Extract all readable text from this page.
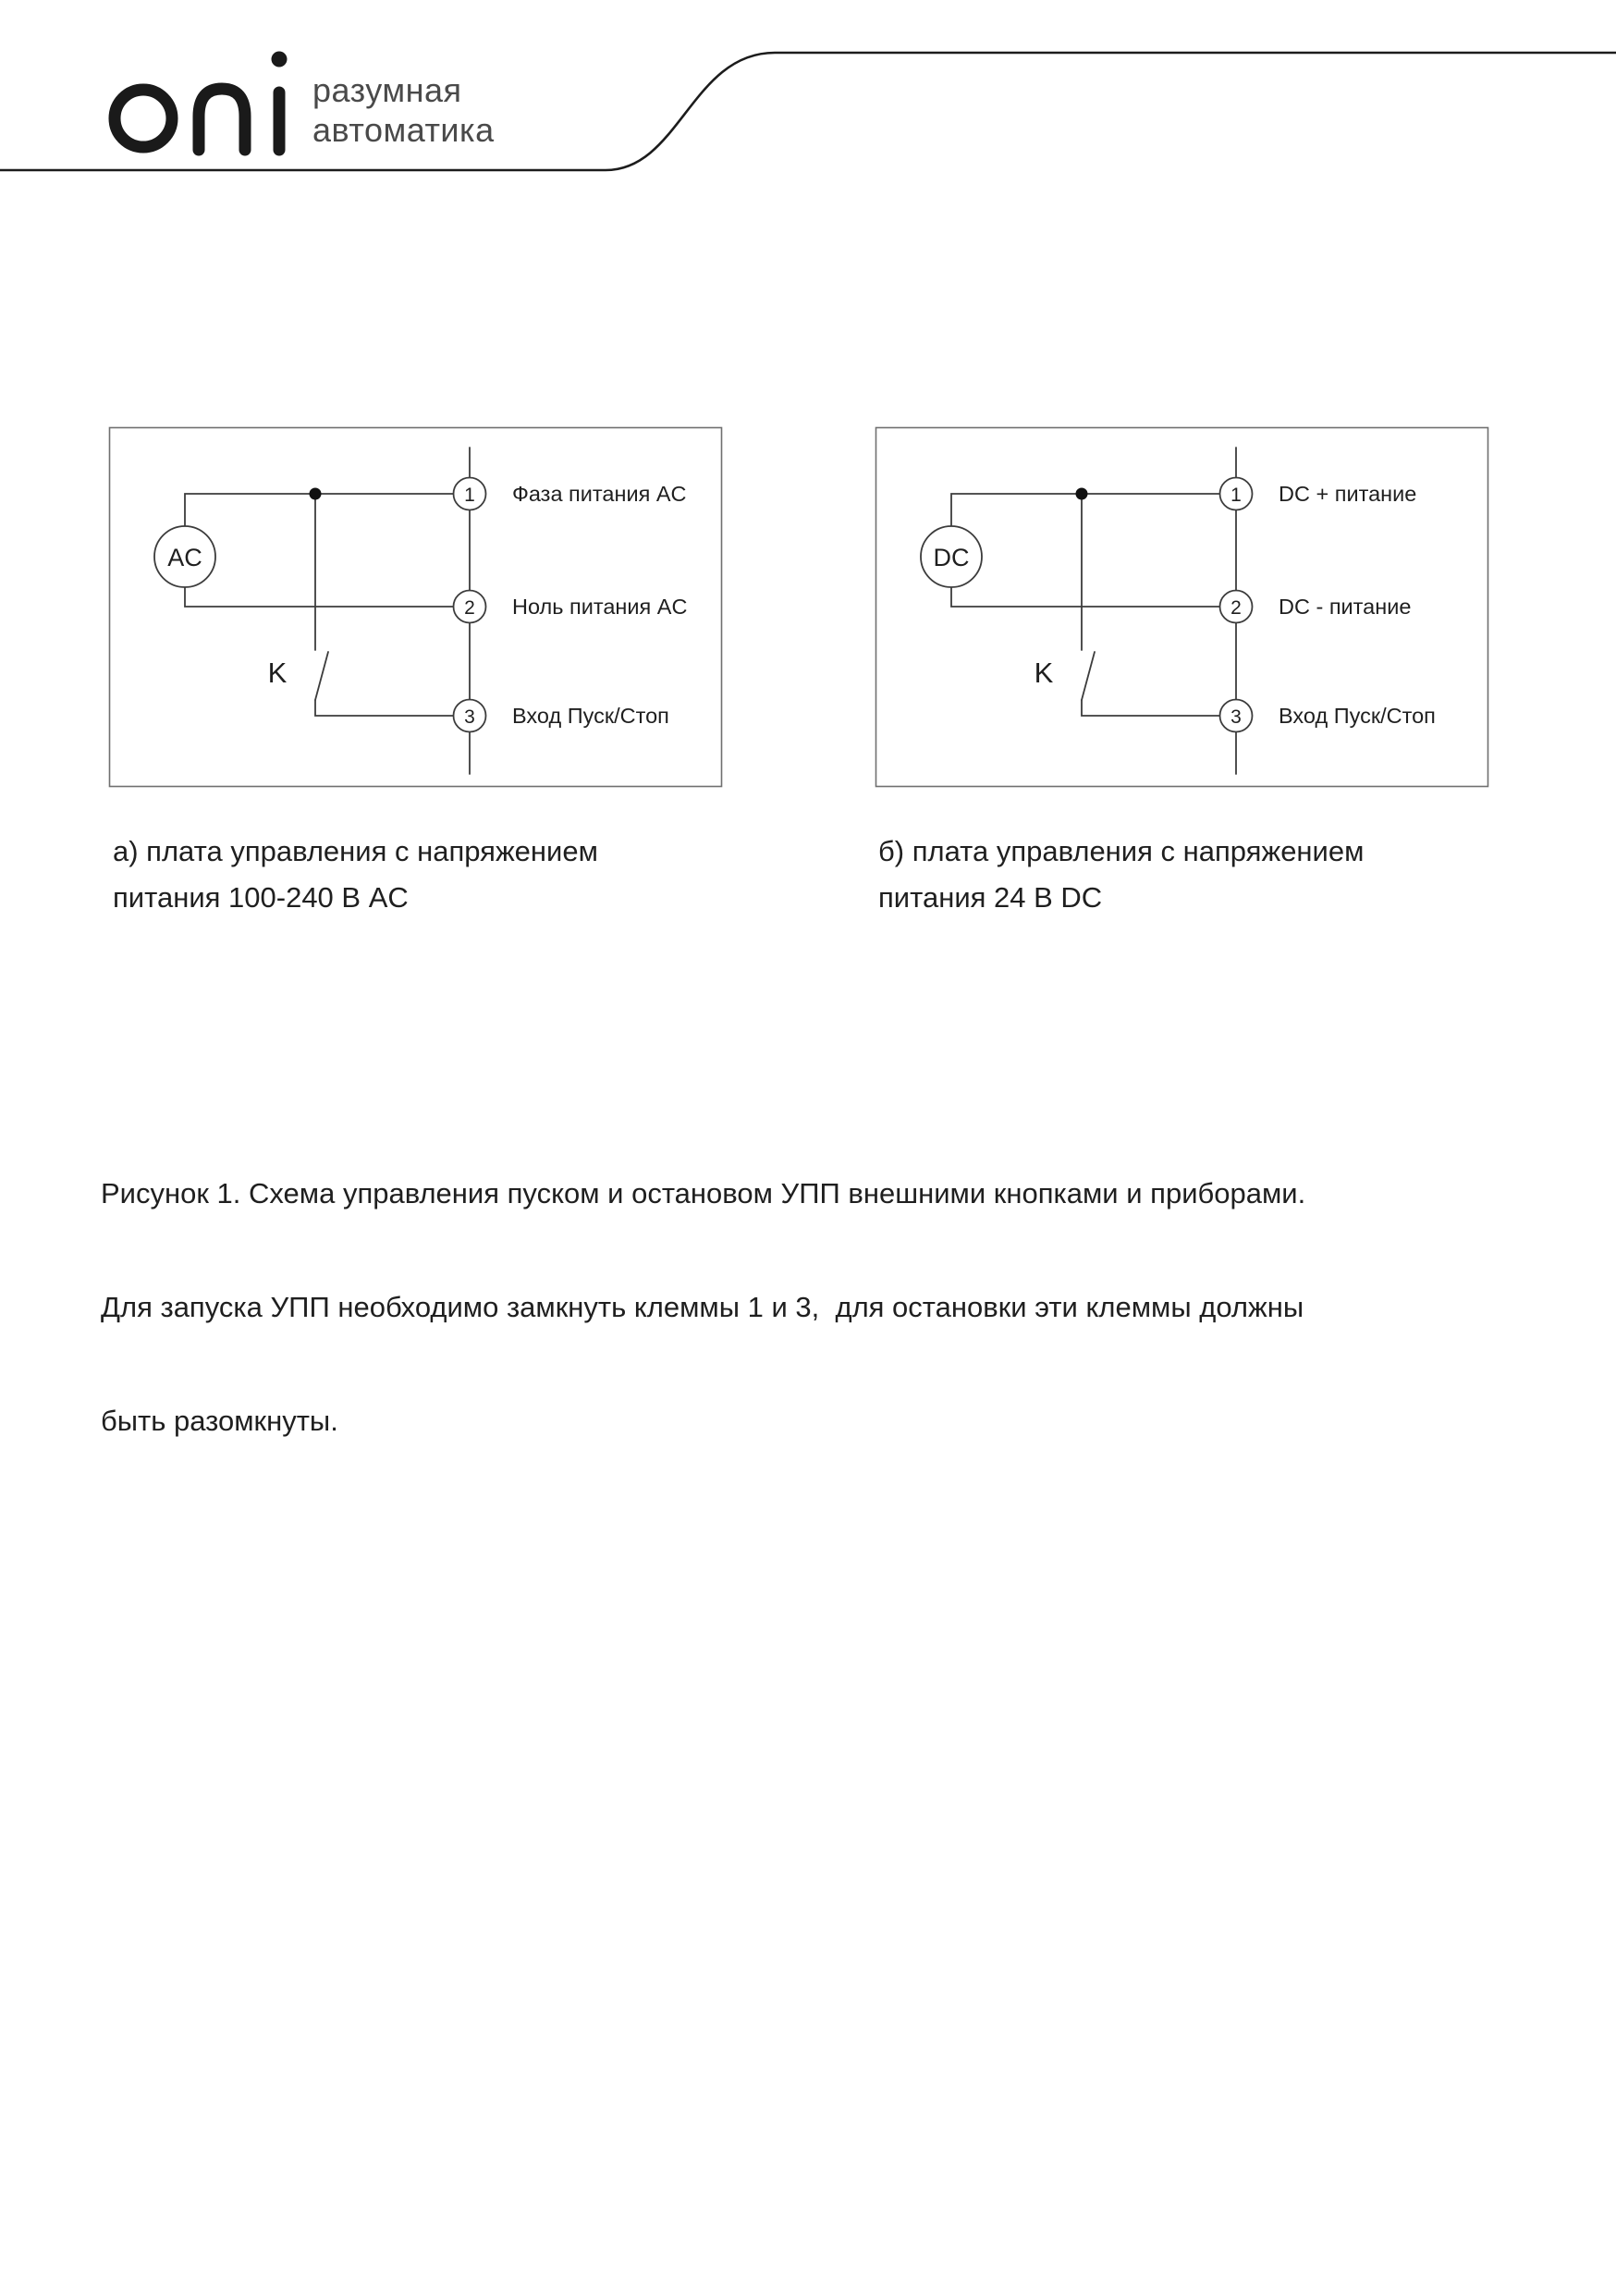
разумная
автоматика
AC
K
1 Фаза питания AC
2 Ноль питания AC
3 Вход Пуск/Стоп
DC
K
1 DC + питание
2 DC - питание
3 Вход Пуск/Стоп
а) плата управления с напряжением
питания 100-240 В AC
б) плата управления с напряжением
питания 24 В DC

Рисунок 1. Схема управления пуском и остановом УПП внешними кнопками и приборами.

Для запуска УПП необходимо замкнуть клеммы 1 и 3,  для остановки эти клеммы должны

быть разомкнуты.
